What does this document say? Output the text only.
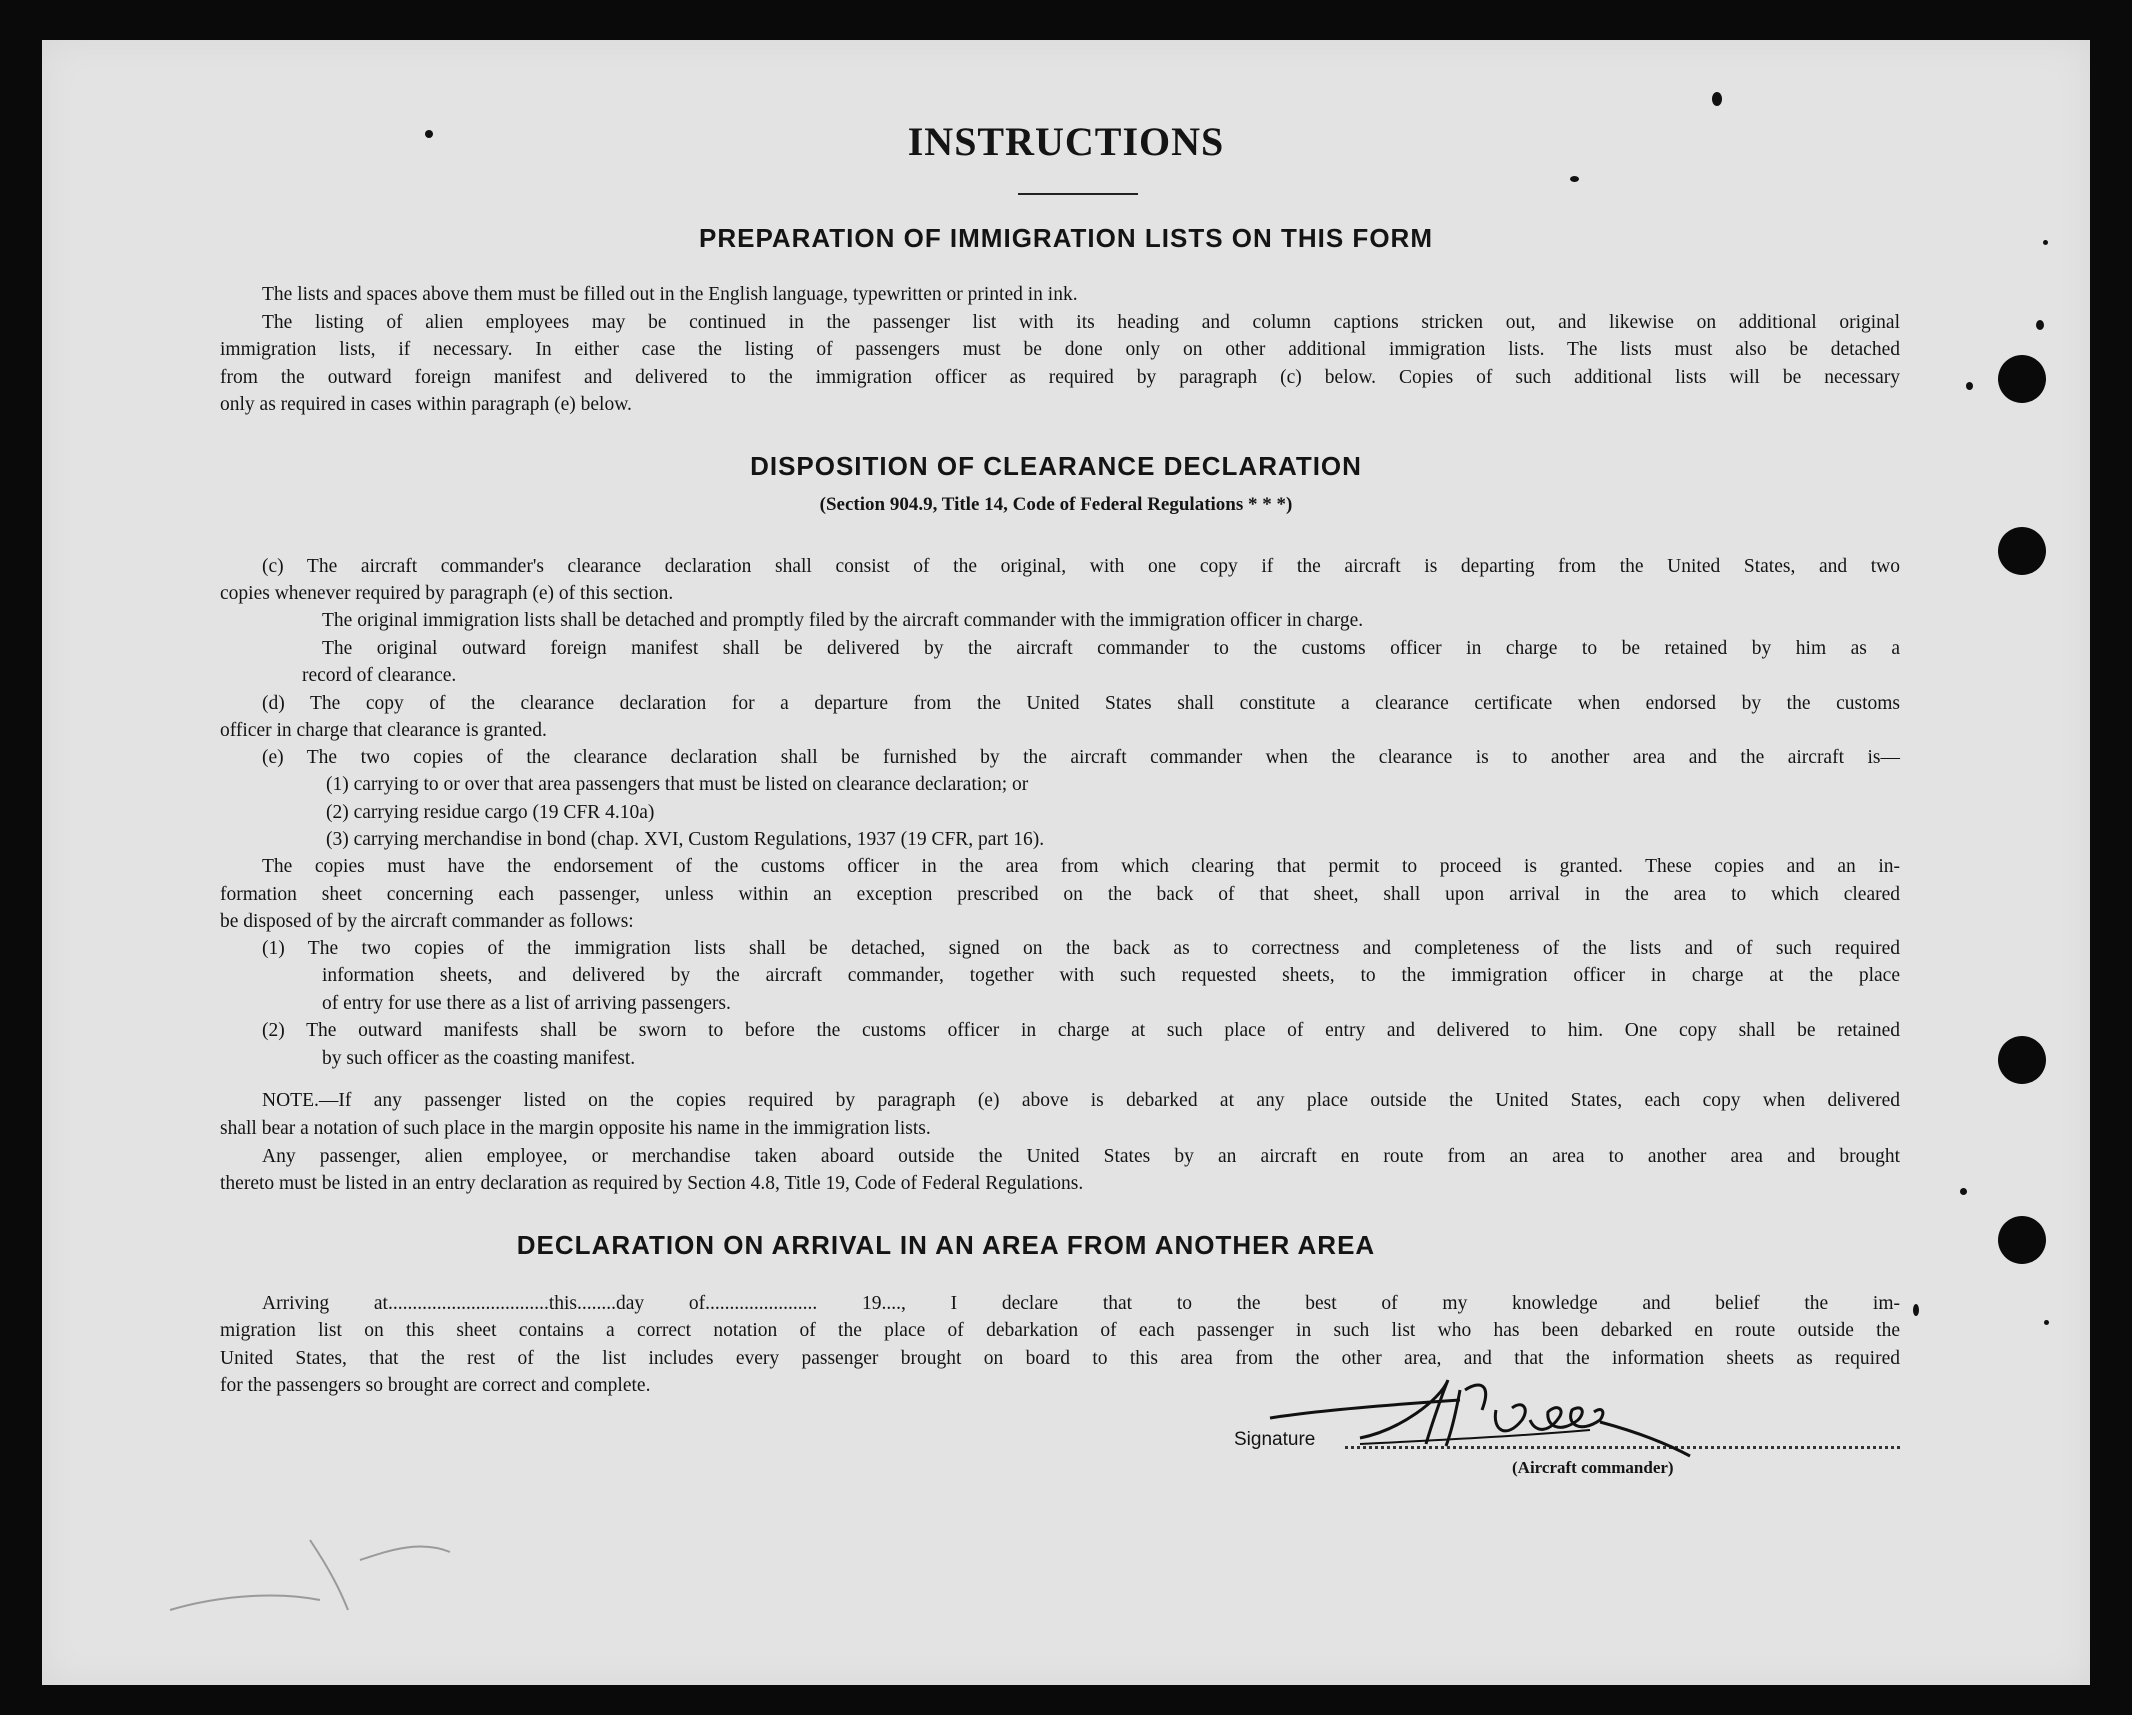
INSTRUCTIONS
PREPARATION OF IMMIGRATION LISTS ON THIS FORM
The lists and spaces above them must be filled out in the English language, typewritten or printed in ink.
The listing of alien employees may be continued in the passenger list with its heading and column captions stricken out, and likewise on additional original
immigration lists, if necessary. In either case the listing of passengers must be done only on other additional immigration lists. The lists must also be detached
from the outward foreign manifest and delivered to the immigration officer as required by paragraph (c) below. Copies of such additional lists will be necessary
only as required in cases within paragraph (e) below.
DISPOSITION OF CLEARANCE DECLARATION
(Section 904.9, Title 14, Code of Federal Regulations * * *)
(c) The aircraft commander's clearance declaration shall consist of the original, with one copy if the aircraft is departing from the United States, and two
copies whenever required by paragraph (e) of this section.
The original immigration lists shall be detached and promptly filed by the aircraft commander with the immigration officer in charge.
The original outward foreign manifest shall be delivered by the aircraft commander to the customs officer in charge to be retained by him as a
record of clearance.
(d) The copy of the clearance declaration for a departure from the United States shall constitute a clearance certificate when endorsed by the customs
officer in charge that clearance is granted.
(e) The two copies of the clearance declaration shall be furnished by the aircraft commander when the clearance is to another area and the aircraft is—
(1) carrying to or over that area passengers that must be listed on clearance declaration; or
(2) carrying residue cargo (19 CFR 4.10a)
(3) carrying merchandise in bond (chap. XVI, Custom Regulations, 1937 (19 CFR, part 16).
The copies must have the endorsement of the customs officer in the area from which clearing that permit to proceed is granted. These copies and an in-
formation sheet concerning each passenger, unless within an exception prescribed on the back of that sheet, shall upon arrival in the area to which cleared
be disposed of by the aircraft commander as follows:
(1) The two copies of the immigration lists shall be detached, signed on the back as to correctness and completeness of the lists and of such required
information sheets, and delivered by the aircraft commander, together with such requested sheets, to the immigration officer in charge at the place
of entry for use there as a list of arriving passengers.
(2) The outward manifests shall be sworn to before the customs officer in charge at such place of entry and delivered to him. One copy shall be retained
by such officer as the coasting manifest.
NOTE.—If any passenger listed on the copies required by paragraph (e) above is debarked at any place outside the United States, each copy when delivered
shall bear a notation of such place in the margin opposite his name in the immigration lists.
Any passenger, alien employee, or merchandise taken aboard outside the United States by an aircraft en route from an area to another area and brought
thereto must be listed in an entry declaration as required by Section 4.8, Title 19, Code of Federal Regulations.
DECLARATION ON ARRIVAL IN AN AREA FROM ANOTHER AREA
Arriving at.................................this........day of....................... 19...., I declare that to the best of my knowledge and belief the im-
migration list on this sheet contains a correct notation of the place of debarkation of each passenger in such list who has been debarked en route outside the
United States, that the rest of the list includes every passenger brought on board to this area from the other area, and that the information sheets as required
for the passengers so brought are correct and complete.
Signature
(Aircraft commander)
